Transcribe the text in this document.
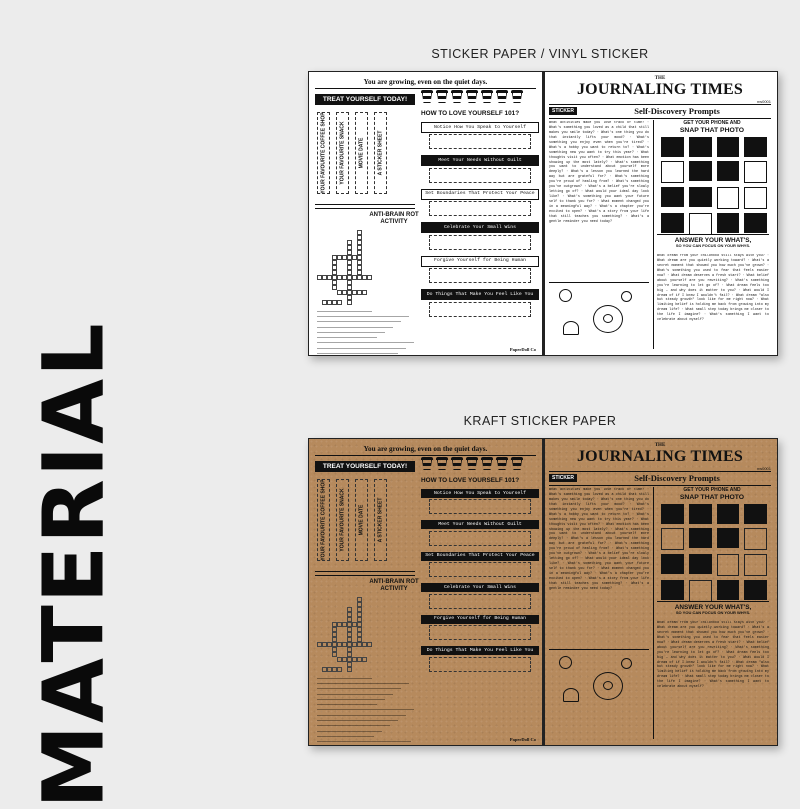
MATERIAL
STICKER PAPER / VINYL STICKER
KRAFT STICKER PAPER
You are growing, even on the quiet days.
TREAT YOURSELF TODAY!
YOUR FAVOURITE COFFEE SHOP	YOUR FAVOURITE SNACK	MOVIE DATE	A STICKER SHEET
ANTI-BRAIN ROT ACTIVITY
HOW TO LOVE YOURSELF 101?
Notice How You Speak to Yourself
Meet Your Needs Without Guilt
Set Boundaries That Protect Your Peace
Celebrate Your Small Wins
Forgive Yourself for Being Human
Do Things That Make You Feel Like You
PaperDoll Co
THE
JOURNALING TIMES
nw0001
STICKER	Self-Discovery Prompts
What activities make you lose track of time? · What's something you loved as a child that still makes you smile today? · What's one thing you do that instantly lifts your mood? · What's something you enjoy even when you're tired? · What's a hobby you want to return to? · What's something new you want to try this year? · What thoughts visit you often? · What emotion has been showing up the most lately? · What's something you want to understand about yourself more deeply? · What's a lesson you learned the hard way but are grateful for? · What's something you're proud of healing from? · What's something you've outgrown? · What's a belief you're slowly letting go of? · What would your ideal day look like? · What's something you want your future self to thank you for? · What moment changed you in a meaningful way? · What's a chapter you're excited to open? · What's a story from your life that still teaches you something? · What's a gentle reminder you need today?
GET YOUR PHONE AND
SNAP THAT PHOTO
ANSWER YOUR WHAT'S,
SO YOU CAN FOCUS ON YOUR WHYS.
What dream from your childhood still stays with you? · What dream are you quietly working toward? · What's a secret moment that showed you how much you've grown? · What's something you used to fear that feels easier now? · What dream deserves a fresh start? · What belief about yourself are you rewriting? · What's something you're learning to let go of? · What dream feels too big – and why does it matter to you? · What would I dream of if I knew I wouldn't fail? · What dream "also but steady growth" look like for me right now? · What limiting belief is holding me back from growing into my dream life? · What small step today brings me closer to the life I imagine? · What's something I want to celebrate about myself?
You are growing, even on the quiet days.
TREAT YOURSELF TODAY!
YOUR FAVOURITE COFFEE SHOP	YOUR FAVOURITE SNACK	MOVIE DATE	A STICKER SHEET
ANTI-BRAIN ROT ACTIVITY
HOW TO LOVE YOURSELF 101?
Notice How You Speak to Yourself
Meet Your Needs Without Guilt
Set Boundaries That Protect Your Peace
Celebrate Your Small Wins
Forgive Yourself for Being Human
Do Things That Make You Feel Like You
PaperDoll Co
THE
JOURNALING TIMES
nw0001
STICKER	Self-Discovery Prompts
What activities make you lose track of time? · What's something you loved as a child that still makes you smile today? · What's one thing you do that instantly lifts your mood? · What's something you enjoy even when you're tired? · What's a hobby you want to return to? · What's something new you want to try this year? · What thoughts visit you often? · What emotion has been showing up the most lately? · What's something you want to understand about yourself more deeply? · What's a lesson you learned the hard way but are grateful for? · What's something you're proud of healing from? · What's something you've outgrown? · What's a belief you're slowly letting go of? · What would your ideal day look like? · What's something you want your future self to thank you for? · What moment changed you in a meaningful way? · What's a chapter you're excited to open? · What's a story from your life that still teaches you something? · What's a gentle reminder you need today?
GET YOUR PHONE AND
SNAP THAT PHOTO
ANSWER YOUR WHAT'S,
SO YOU CAN FOCUS ON YOUR WHYS.
What dream from your childhood still stays with you? · What dream are you quietly working toward? · What's a secret moment that showed you how much you've grown? · What's something you used to fear that feels easier now? · What dream deserves a fresh start? · What belief about yourself are you rewriting? · What's something you're learning to let go of? · What dream feels too big – and why does it matter to you? · What would I dream of if I knew I wouldn't fail? · What dream "also but steady growth" look like for me right now? · What limiting belief is holding me back from growing into my dream life? · What small step today brings me closer to the life I imagine? · What's something I want to celebrate about myself?
